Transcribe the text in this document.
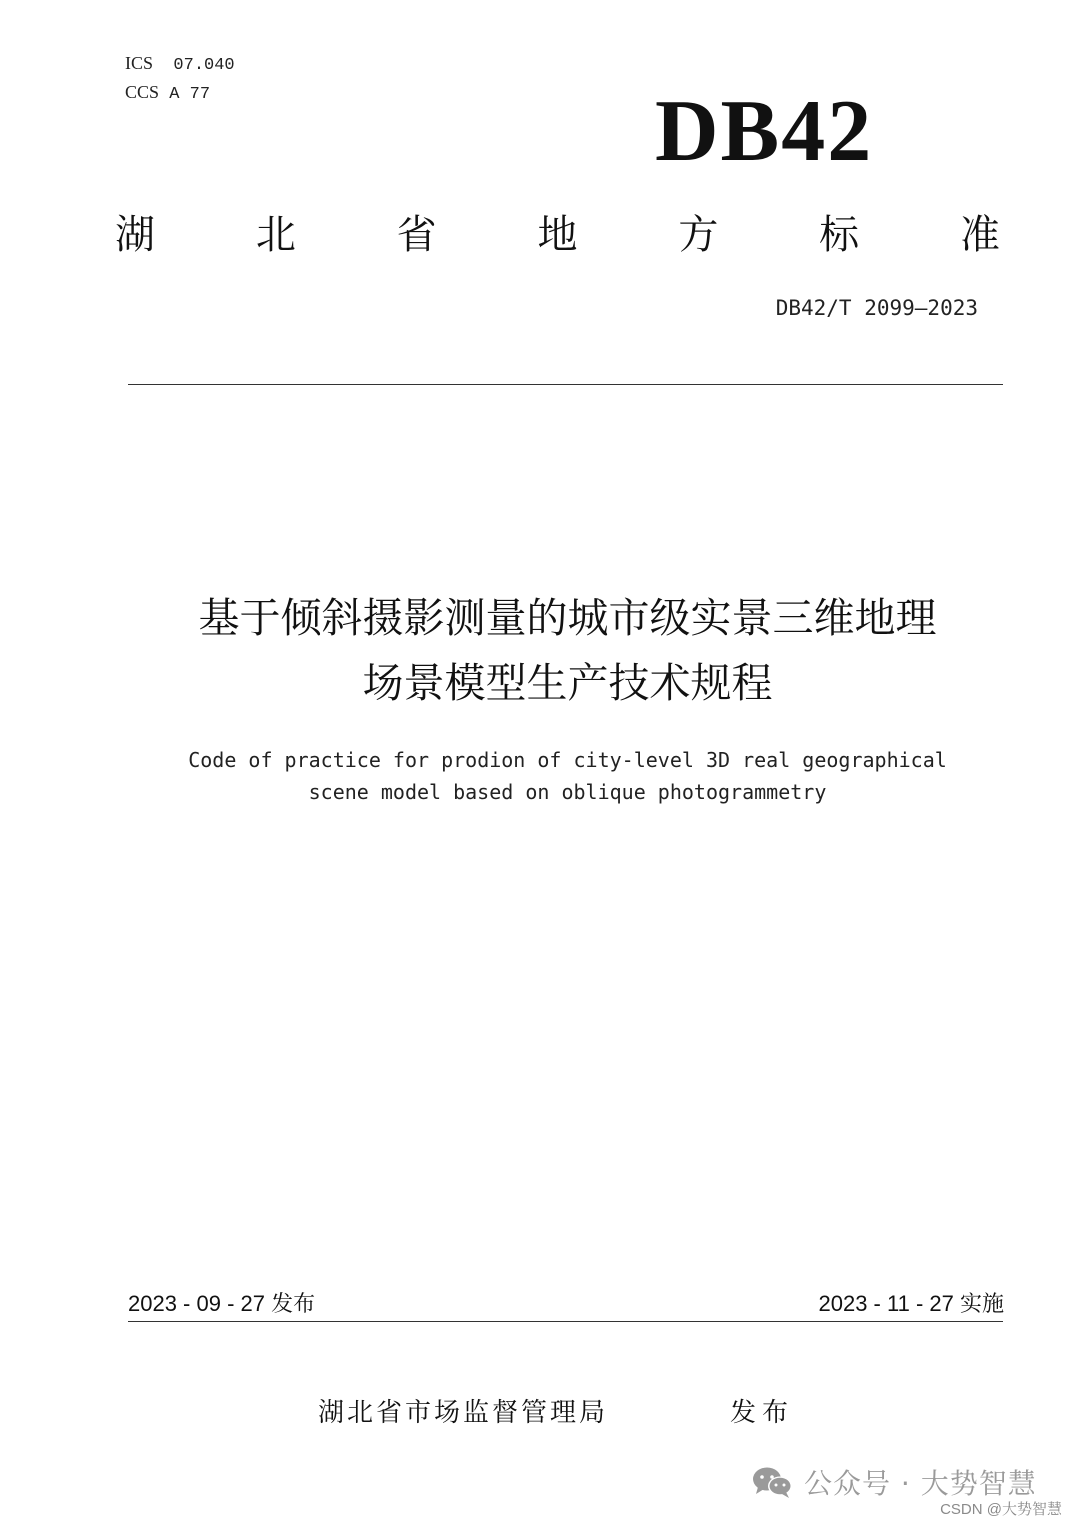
ICS 07.040
CCS A 77	DB42
湖	北	省	地	方	标	准
DB42/T 2099—2023
基于倾斜摄影测量的城市级实景三维地理
场景模型生产技术规程
Code of practice for prodion of city-level 3D real geographical
scene model based on oblique photogrammetry
2023 - 09 - 27 发布	2023 - 11 - 27 实施
湖北省市场监督管理局	发布
公众号 · 大势智慧
CSDN @大势智慧
